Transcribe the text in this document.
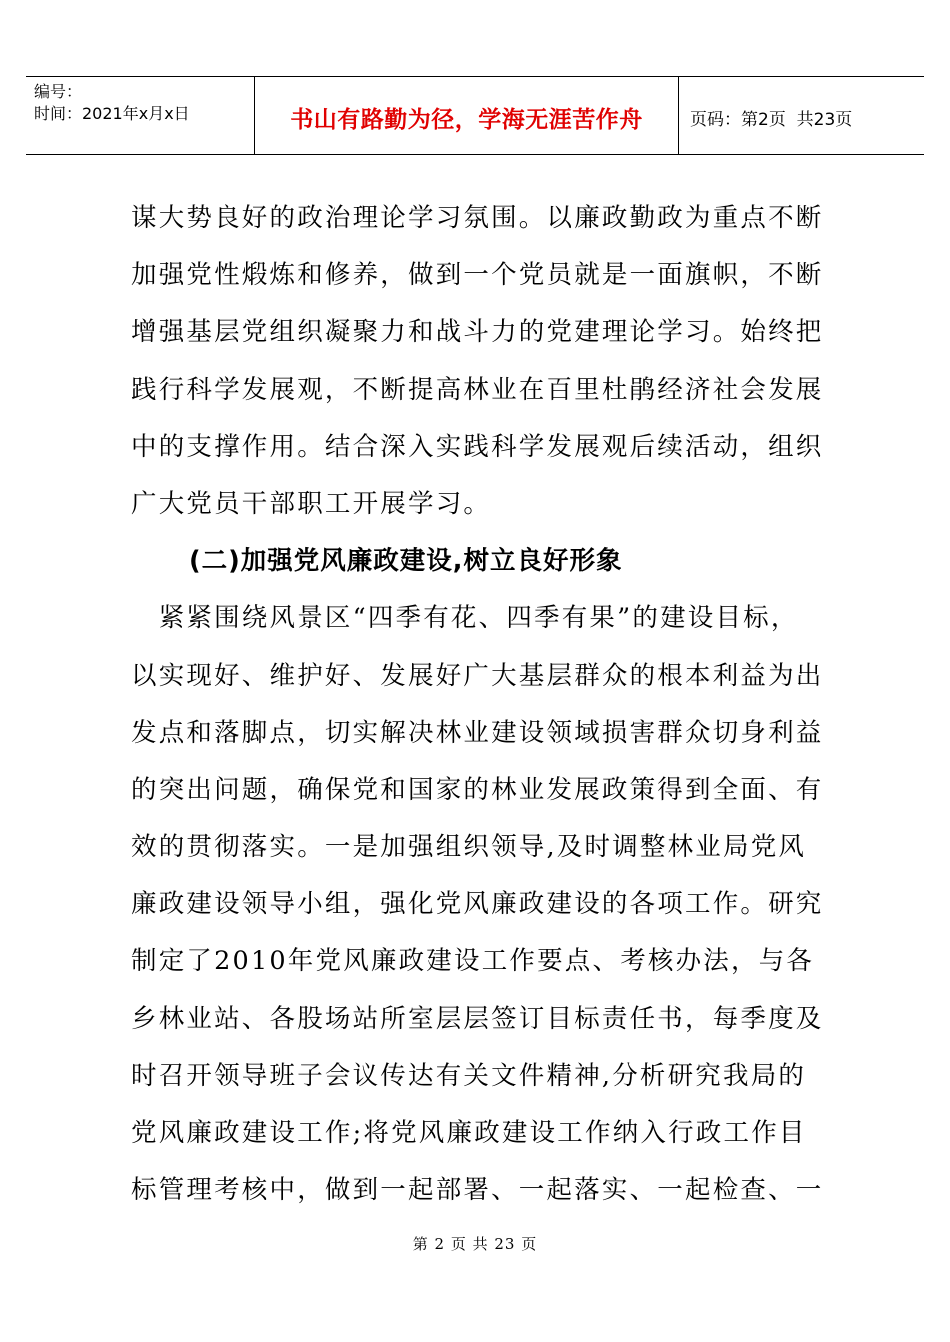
编号：
时间：2021年x月x日	书山有路勤为径，学海无涯苦作舟	页码：第2页  共23页
谋大势良好的政治理论学习氛围。以廉政勤政为重点不断
加强党性煅炼和修养，做到一个党员就是一面旗帜，不断
增强基层党组织凝聚力和战斗力的党建理论学习。始终把
践行科学发展观，不断提高林业在百里杜鹃经济社会发展
中的支撑作用。结合深入实践科学发展观后续活动，组织
广大党员干部职工开展学习。
(二)加强党风廉政建设,树立良好形象
　紧紧围绕风景区“四季有花、四季有果”的建设目标，
以实现好、维护好、发展好广大基层群众的根本利益为出
发点和落脚点，切实解决林业建设领域损害群众切身利益
的突出问题，确保党和国家的林业发展政策得到全面、有
效的贯彻落实。一是加强组织领导,及时调整林业局党风
廉政建设领导小组，强化党风廉政建设的各项工作。研究
制定了2010年党风廉政建设工作要点、考核办法，与各
乡林业站、各股场站所室层层签订目标责任书，每季度及
时召开领导班子会议传达有关文件精神,分析研究我局的
党风廉政建设工作;将党风廉政建设工作纳入行政工作目
标管理考核中，做到一起部署、一起落实、一起检查、一
第 2 页 共 23 页
